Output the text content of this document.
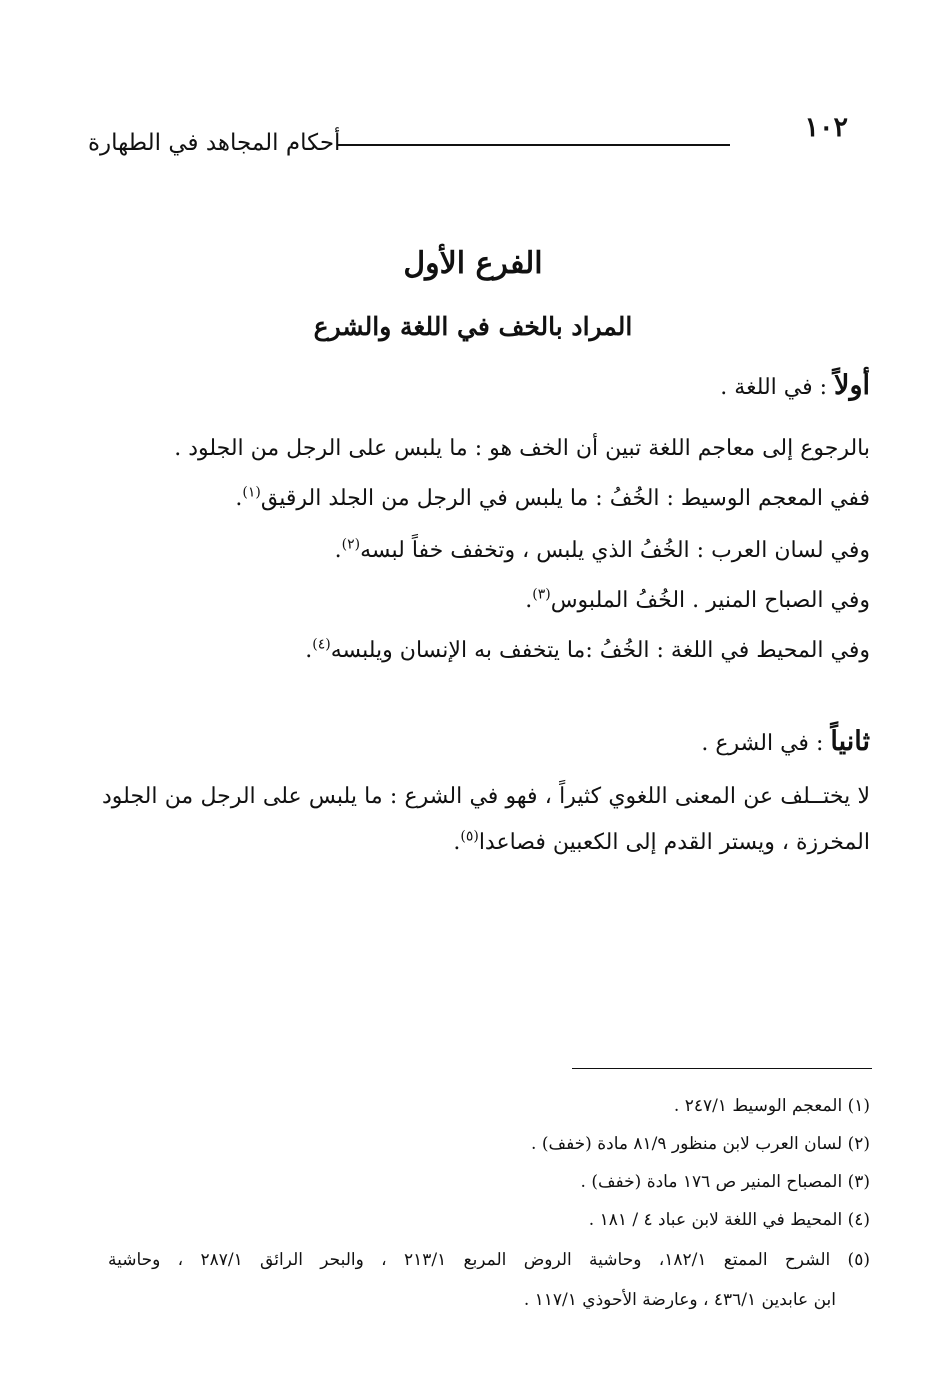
١٠٢
أحكام المجاهد في الطهارة
الفرع الأول
المراد بالخف في اللغة والشرع
أولاً : في اللغة .
بالرجوع إلى معاجم اللغة تبين أن الخف هو : ما يلبس على الرجل من الجلود .
ففي المعجم الوسيط : الخُفُ : ما يلبس في الرجل من الجلد الرقيق$^{(١)}$.
وفي لسان العرب : الخُفُ الذي يلبس ، وتخفف خفاً لبسه$^{(٢)}$.
وفي الصباح المنير . الخُفُ الملبوس$^{(٣)}$.
وفي المحيط في اللغة : الخُفُ :ما يتخفف به الإنسان ويلبسه$^{(٤)}$.
ثانياً : في الشرع .
لا يختــلف عن المعنى اللغوي كثيراً ، فهو في الشرع : ما يلبس على الرجل من الجلود
المخرزة ، ويستر القدم إلى الكعبين فصاعدا$^{(٥)}$.
(١) المعجم الوسيط ٢٤٧/١ .
(٢) لسان العرب لابن منظور ٨١/٩ مادة (خفف) .
(٣) المصباح المنير ص ١٧٦ مادة (خفف) .
(٤) المحيط في اللغة لابن عباد ٤ / ١٨١ .
(٥) الشرح الممتع ١٨٢/١، وحاشية الروض المربع ٢١٣/١ ، والبحر الرائق ٢٨٧/١ ، وحاشية
ابن عابدين ٤٣٦/١ ، وعارضة الأحوذي ١١٧/١ .
